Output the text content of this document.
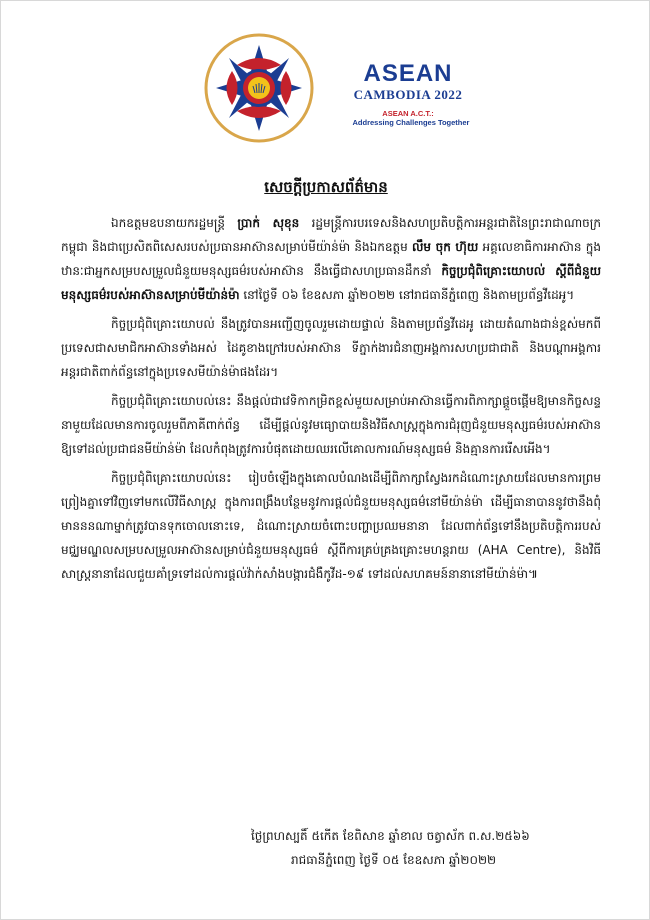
ASEAN
CAMBODIA 2022
ASEAN A.C.T.:
Addressing Challenges Together
សេចក្តីប្រកាសព័ត៌មាន

ឯកឧត្តមឧបនាយករដ្ឋមន្ត្រី ប្រាក់ សុខុន រដ្ឋមន្ត្រីការបរទេសនិងសហប្រតិបត្តិការអន្តរជាតិនៃព្រះរាជាណាចក្រកម្ពុជា និងជាប្រេសិតពិសេសរបស់ប្រធានអាស៊ានសម្រាប់មីយ៉ាន់ម៉ា និងឯកឧត្តម លឹម ចុក ហ៊ុយ អគ្គលេខាធិការអាស៊ាន ក្នុងឋានៈជាអ្នកសម្របសម្រួលជំនួយមនុស្សធម៌របស់អាស៊ាន នឹងធ្វើជាសហប្រធានដឹកនាំ កិច្ចប្រជុំពិគ្រោះយោបល់ ស្តីពីជំនួយមនុស្សធម៌របស់អាស៊ានសម្រាប់មីយ៉ាន់ម៉ា នៅថ្ងៃទី ០៦ ខែឧសភា ឆ្នាំ២០២២ នៅរាជធានីភ្នំពេញ និងតាមប្រព័ន្ធវីដេអូ។

កិច្ចប្រជុំពិគ្រោះយោបល់ នឹងត្រូវបានអញ្ជើញចូលរួមដោយផ្ទាល់ និងតាមប្រព័ន្ធវីដេអូ ដោយតំណាងជាន់ខ្ពស់មកពីប្រទេសជាសមាជិកអាស៊ានទាំងអស់ ដៃគូខាងក្រៅរបស់អាស៊ាន ទីភ្នាក់ងារជំនាញអង្គការសហប្រជាជាតិ និងបណ្តាអង្គការអន្តរជាតិពាក់ព័ន្ធនៅក្នុងប្រទេសមីយ៉ាន់ម៉ាផងដែរ។

កិច្ចប្រជុំពិគ្រោះយោបល់នេះ នឹងផ្តល់ជាវេទិកាកម្រិតខ្ពស់មួយសម្រាប់អាស៊ានធ្វើការពិភាក្សាផ្តួចផ្តើមឱ្យមានកិច្ចសន្ទនាមួយដែលមានការចូលរួមពីភាគីពាក់ព័ន្ធ ដើម្បីផ្តល់នូវមធ្យោបាយនិងវិធីសាស្ត្រក្នុងការជំរុញជំនួយមនុស្សធម៌របស់អាស៊ានឱ្យទៅដល់ប្រជាជនមីយ៉ាន់ម៉ា ដែលកំពុងត្រូវការបំផុតដោយឈរលើគោលការណ៍មនុស្សធម៌ និងគ្មានការរើសអើង។

កិច្ចប្រជុំពិគ្រោះយោបល់នេះ រៀបចំឡើងក្នុងគោលបំណងដើម្បីពិភាក្សាស្វែងរកដំណោះស្រាយដែលមានការព្រមព្រៀងគ្នាទៅវិញទៅមកលើវិធីសាស្ត្រ ក្នុងការពង្រឹងបន្ថែមនូវការផ្តល់ជំនួយមនុស្សធម៌នៅមីយ៉ាន់ម៉ា ដើម្បីធានាបាននូវថានឹងពុំមានននណាម្នាក់ត្រូវបានទុកចោលនោះទេ, ដំណោះស្រាយចំពោះបញ្ហាប្រឈមនានា ដែលពាក់ព័ន្ធទៅនឹងប្រតិបត្តិការរបស់មជ្ឈមណ្ឌលសម្របសម្រួលអាស៊ានសម្រាប់ជំនួយមនុស្សធម៌ ស្តីពីការគ្រប់គ្រងគ្រោះមហន្តរាយ (AHA Centre), និងវិធីសាស្ត្រនានាដែលជួយគាំទ្រទៅដល់ការផ្តល់វ៉ាក់សាំងបង្ការជំងឺកូវីដ-១៩ ទៅដល់សហគមន៍នានានៅមីយ៉ាន់ម៉ា៕

ថ្ងៃព្រហស្បតិ៍ ៥កើត ខែពិសាខ ឆ្នាំខាល ចត្វាស័ក ព.ស.២៥៦៦
រាជធានីភ្នំពេញ ថ្ងៃទី ០៥ ខែឧសភា ឆ្នាំ២០២២
